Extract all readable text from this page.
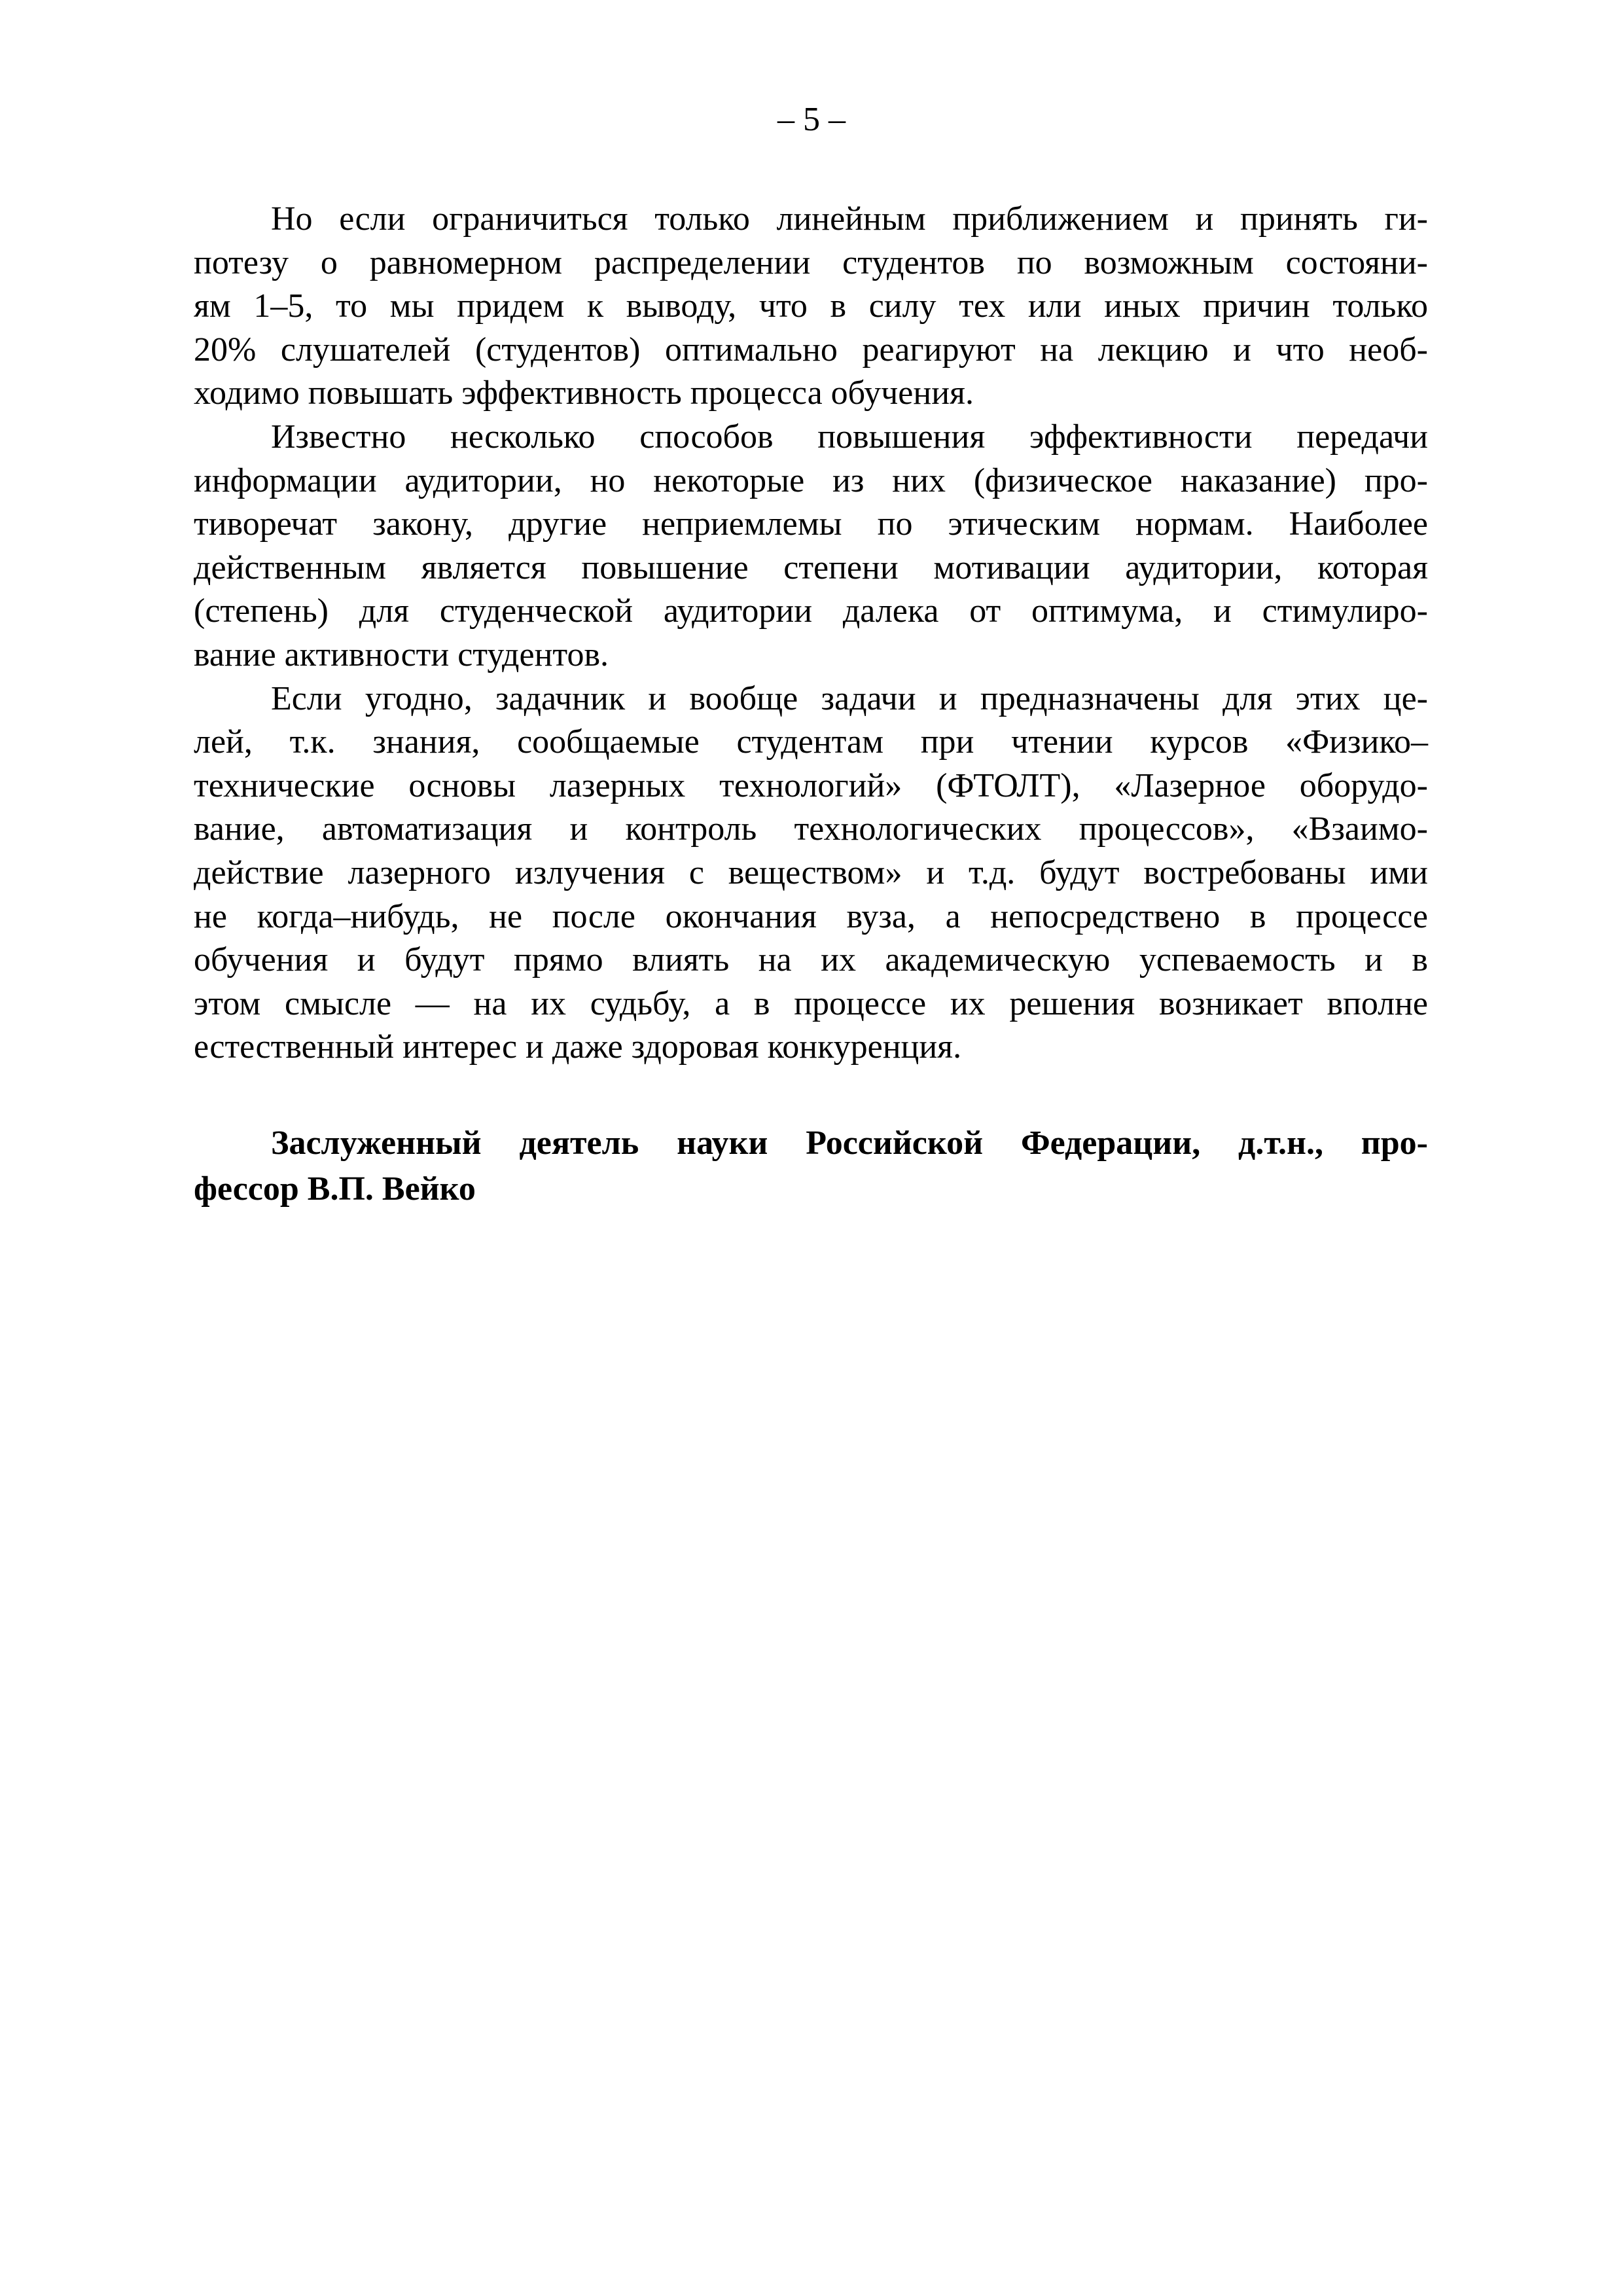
– 5 –
Но если ограничиться только линейным приближением и принять ги-
потезу о равномерном распределении студентов по возможным состояни-
ям 1–5, то мы придем к выводу, что в силу тех или иных причин только
20% слушателей (студентов) оптимально реагируют на лекцию и что необ-
ходимо повышать эффективность процесса обучения.
Известно несколько способов повышения эффективности передачи
информации аудитории, но некоторые из них (физическое наказание) про-
тиворечат закону, другие неприемлемы по этическим нормам. Наиболее
действенным является повышение степени мотивации аудитории, которая
(степень) для студенческой аудитории далека от оптимума, и стимулиро-
вание активности студентов.
Если угодно, задачник и вообще задачи и предназначены для этих це-
лей, т.к. знания, сообщаемые студентам при чтении курсов «Физико–
технические основы лазерных технологий» (ФТОЛТ), «Лазерное оборудо-
вание, автоматизация и контроль технологических процессов», «Взаимо-
действие лазерного излучения с веществом» и т.д. будут востребованы ими
не когда–нибудь, не после окончания вуза, а непосредствено в процессе
обучения и будут прямо влиять на их академическую успеваемость и в
этом смысле — на их судьбу, а в процессе их решения возникает вполне
естественный интерес и даже здоровая конкуренция.
Заслуженный деятель науки Российской Федерации, д.т.н., про-
фессор В.П. Вейко
